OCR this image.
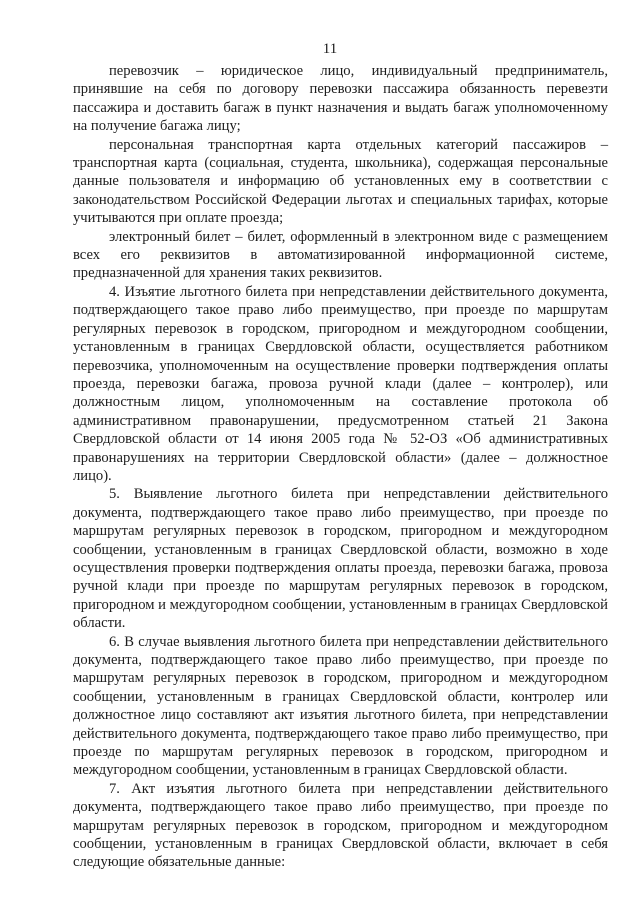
11

перевозчик – юридическое лицо, индивидуальный предприниматель, принявшие на себя по договору перевозки пассажира обязанность перевезти пассажира и доставить багаж в пункт назначения и выдать багаж уполномоченному на получение багажа лицу;

персональная транспортная карта отдельных категорий пассажиров – транспортная карта (социальная, студента, школьника), содержащая персональные данные пользователя и информацию об установленных ему в соответствии с законодательством Российской Федерации льготах и специальных тарифах, которые учитываются при оплате проезда;

электронный билет – билет, оформленный в электронном виде с размещением всех его реквизитов в автоматизированной информационной системе, предназначенной для хранения таких реквизитов.

4. Изъятие льготного билета при непредставлении действительного документа, подтверждающего такое право либо преимущество, при проезде по маршрутам регулярных перевозок в городском, пригородном и междугородном сообщении, установленным в границах Свердловской области, осуществляется работником перевозчика, уполномоченным на осуществление проверки подтверждения оплаты проезда, перевозки багажа, провоза ручной клади (далее – контролер), или должностным лицом, уполномоченным на составление протокола об административном правонарушении, предусмотренном статьей 21 Закона Свердловской области от 14 июня 2005 года № 52-ОЗ «Об административных правонарушениях на территории Свердловской области» (далее – должностное лицо).

5. Выявление льготного билета при непредставлении действительного документа, подтверждающего такое право либо преимущество, при проезде по маршрутам регулярных перевозок в городском, пригородном и междугородном сообщении, установленным в границах Свердловской области, возможно в ходе осуществления проверки подтверждения оплаты проезда, перевозки багажа, провоза ручной клади при проезде по маршрутам регулярных перевозок в городском, пригородном и междугородном сообщении, установленным в границах Свердловской области.

6. В случае выявления льготного билета при непредставлении действительного документа, подтверждающего такое право либо преимущество, при проезде по маршрутам регулярных перевозок в городском, пригородном и междугородном сообщении, установленным в границах Свердловской области, контролер или должностное лицо составляют акт изъятия льготного билета, при непредставлении действительного документа, подтверждающего такое право либо преимущество, при проезде по маршрутам регулярных перевозок в городском, пригородном и междугородном сообщении, установленным в границах Свердловской области.

7. Акт изъятия льготного билета при непредставлении действительного документа, подтверждающего такое право либо преимущество, при проезде по маршрутам регулярных перевозок в городском, пригородном и междугородном сообщении, установленным в границах Свердловской области, включает в себя следующие обязательные данные:
